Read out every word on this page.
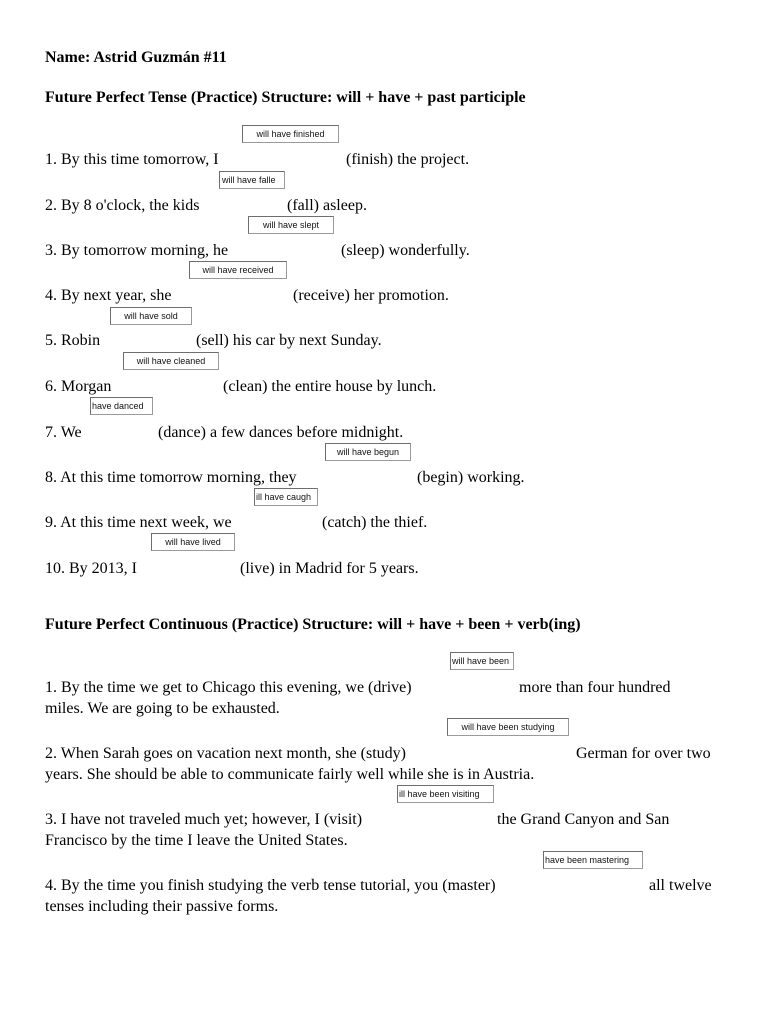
Name: Astrid Guzmán #11
Future Perfect Tense (Practice) Structure: will + have + past participle
1. By this time tomorrow, I
will have finished
(finish) the project.
2. By 8 o'clock, the kids
will have falle
(fall) asleep.
3. By tomorrow morning, he
will have slept
(sleep) wonderfully.
4. By next year, she
will have received
(receive) her promotion.
5. Robin
will have sold
(sell) his car by next Sunday.
6. Morgan
will have cleaned
(clean) the entire house by lunch.
7. We
have danced
(dance) a few dances before midnight.
8. At this time tomorrow morning, they
will have begun
(begin) working.
9. At this time next week, we
ill have caugh
(catch) the thief.
10. By 2013, I
will have lived
(live) in Madrid for 5 years.
Future Perfect Continuous (Practice) Structure: will + have + been + verb(ing)
1. By the time we get to Chicago this evening, we (drive)
will have been
more than four hundred
miles. We are going to be exhausted.
2. When Sarah goes on vacation next month, she (study)
will have been studying
German for over two
years. She should be able to communicate fairly well while she is in Austria.
3. I have not traveled much yet; however, I (visit)
ill have been visiting
the Grand Canyon and San
Francisco by the time I leave the United States.
4. By the time you finish studying the verb tense tutorial, you (master)
have been mastering
all twelve
tenses including their passive forms.
